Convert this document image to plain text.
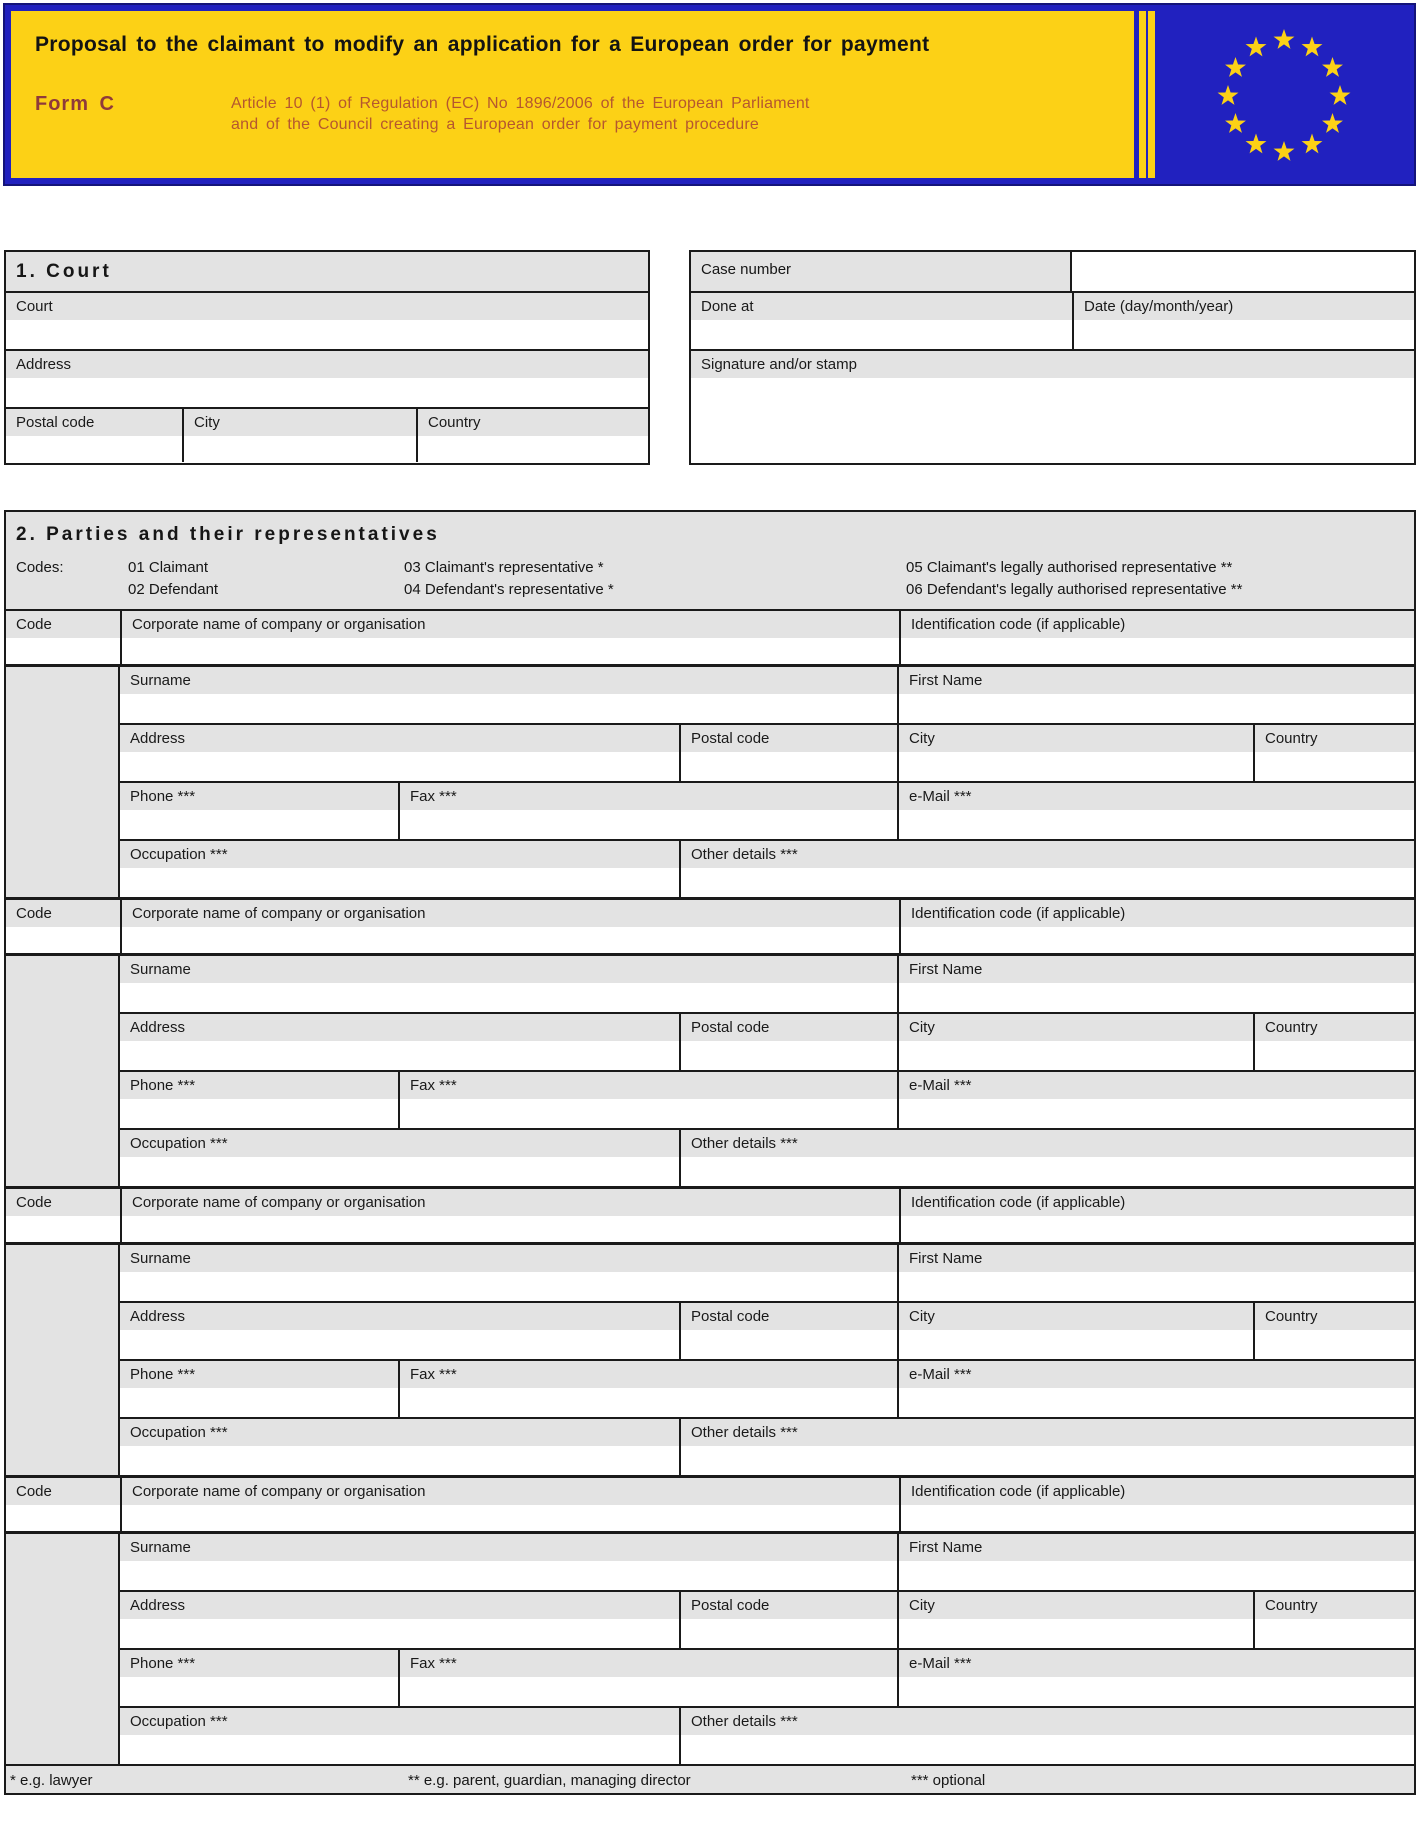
Proposal to the claimant to modify an application for a European order for payment
Form C	Article 10 (1) of Regulation (EC) No 1896/2006 of the European Parliament
and of the Council creating a European order for payment procedure
1. Court
Court
Address
Postal code	City	Country
Case number
Done at	Date (day/month/year)
Signature and/or stamp
2. Parties and their representatives
Codes:	01 Claimant	03 Claimant's representative *	05 Claimant's legally authorised representative **
02 Defendant	04 Defendant's representative *	06 Defendant's legally authorised representative **
Code	Corporate name of company or organisation	Identification code (if applicable)
Surname	First Name
Address	Postal code	City	Country
Phone ***	Fax ***	e-Mail ***
Occupation ***	Other details ***
Code	Corporate name of company or organisation	Identification code (if applicable)
Surname	First Name
Address	Postal code	City	Country
Phone ***	Fax ***	e-Mail ***
Occupation ***	Other details ***
Code	Corporate name of company or organisation	Identification code (if applicable)
Surname	First Name
Address	Postal code	City	Country
Phone ***	Fax ***	e-Mail ***
Occupation ***	Other details ***
Code	Corporate name of company or organisation	Identification code (if applicable)
Surname	First Name
Address	Postal code	City	Country
Phone ***	Fax ***	e-Mail ***
Occupation ***	Other details ***
* e.g. lawyer	** e.g. parent, guardian, managing director	*** optional
